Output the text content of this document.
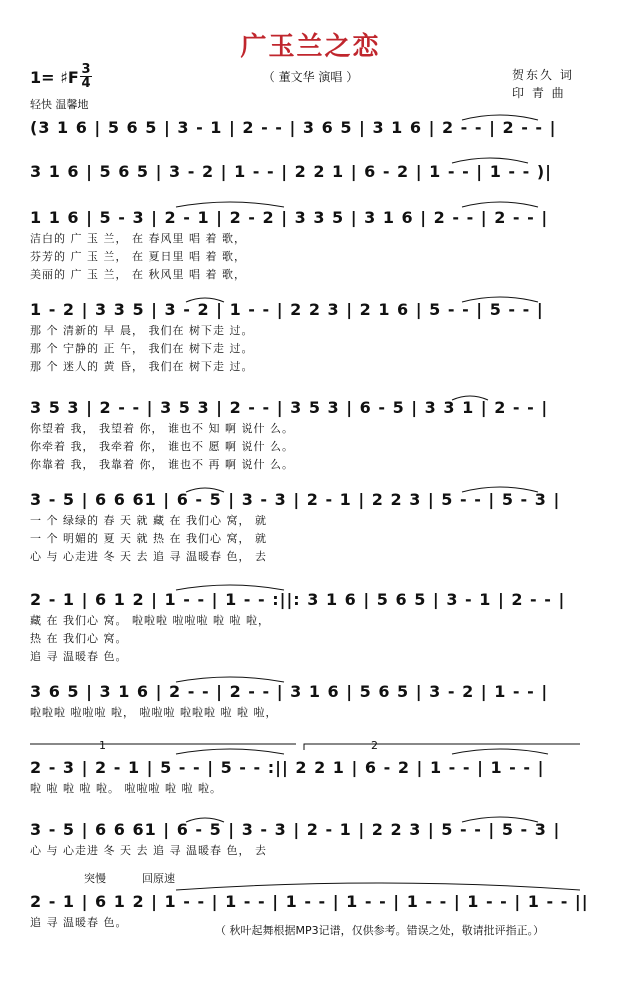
广玉兰之恋
（ 董文华 演唱 ）	贺东久 词
印 青 曲
1= ♯F 3
4
轻快 温馨地
(3 1 6 | 5 6 5 | 3 - 1 | 2 - - | 3 6 5 | 3 1 6 | 2 - - | 2 - - |
3 1 6 | 5 6 5 | 3 - 2 | 1 - - | 2 2 1 | 6 - 2 | 1 - - | 1 - - )|
1 1 6 | 5 - 3 | 2 - 1 | 2 - 2 | 3 3 5 | 3 1 6 | 2 - - | 2 - - |
洁白的 广 玉 兰， 在 春风里 唱 着 歌，
芬芳的 广 玉 兰， 在 夏日里 唱 着 歌，
美丽的 广 玉 兰， 在 秋风里 唱 着 歌，
1 - 2 | 3 3 5 | 3 - 2 | 1 - - | 2 2 3 | 2 1 6 | 5 - - | 5 - - |
那 个 清新的 早 晨， 我们在 树下走 过。
那 个 宁静的 正 午， 我们在 树下走 过。
那 个 迷人的 黄 昏， 我们在 树下走 过。
3 5 3 | 2 - - | 3 5 3 | 2 - - | 3 5 3 | 6 - 5 | 3 3 1 | 2 - - |
你望着 我， 我望着 你， 谁也不 知 啊 说什 么。
你牵着 我， 我牵着 你， 谁也不 愿 啊 说什 么。
你靠着 我， 我靠着 你， 谁也不 再 啊 说什 么。
3 - 5 | 6 6 61 | 6 - 5 | 3 - 3 | 2 - 1 | 2 2 3 | 5 - - | 5 - 3 |
一 个 绿绿的 春 天 就 藏 在 我们心 窝， 就
一 个 明媚的 夏 天 就 热 在 我们心 窝， 就
心 与 心走进 冬 天 去 追 寻 温暖春 色， 去
2 - 1 | 6 1 2 | 1 - - | 1 - - :||: 3 1 6 | 5 6 5 | 3 - 1 | 2 - - |
藏 在 我们心 窝。 啦啦啦 啦啦啦 啦 啦 啦，
热 在 我们心 窝。
追 寻 温暖春 色。
3 6 5 | 3 1 6 | 2 - - | 2 - - | 3 1 6 | 5 6 5 | 3 - 2 | 1 - - |
啦啦啦 啦啦啦 啦， 啦啦啦 啦啦啦 啦 啦 啦，
2 - 3 | 2 - 1 | 5 - - | 5 - - :|| 2 2 1 | 6 - 2 | 1 - - | 1 - - |
啦 啦 啦 啦 啦。 啦啦啦 啦 啦 啦。
3 - 5 | 6 6 61 | 6 - 5 | 3 - 3 | 2 - 1 | 2 2 3 | 5 - - | 5 - 3 |
心 与 心走进 冬 天 去 追 寻 温暖春 色， 去
2 - 1 | 6 1 2 | 1 - - | 1 - - | 1 - - | 1 - - | 1 - - | 1 - - | 1 - - ||
追 寻 温暖春 色。
突慢	回原速
1	2
（ 秋叶起舞根据MP3记谱，仅供参考。错误之处，敬请批评指正。）
